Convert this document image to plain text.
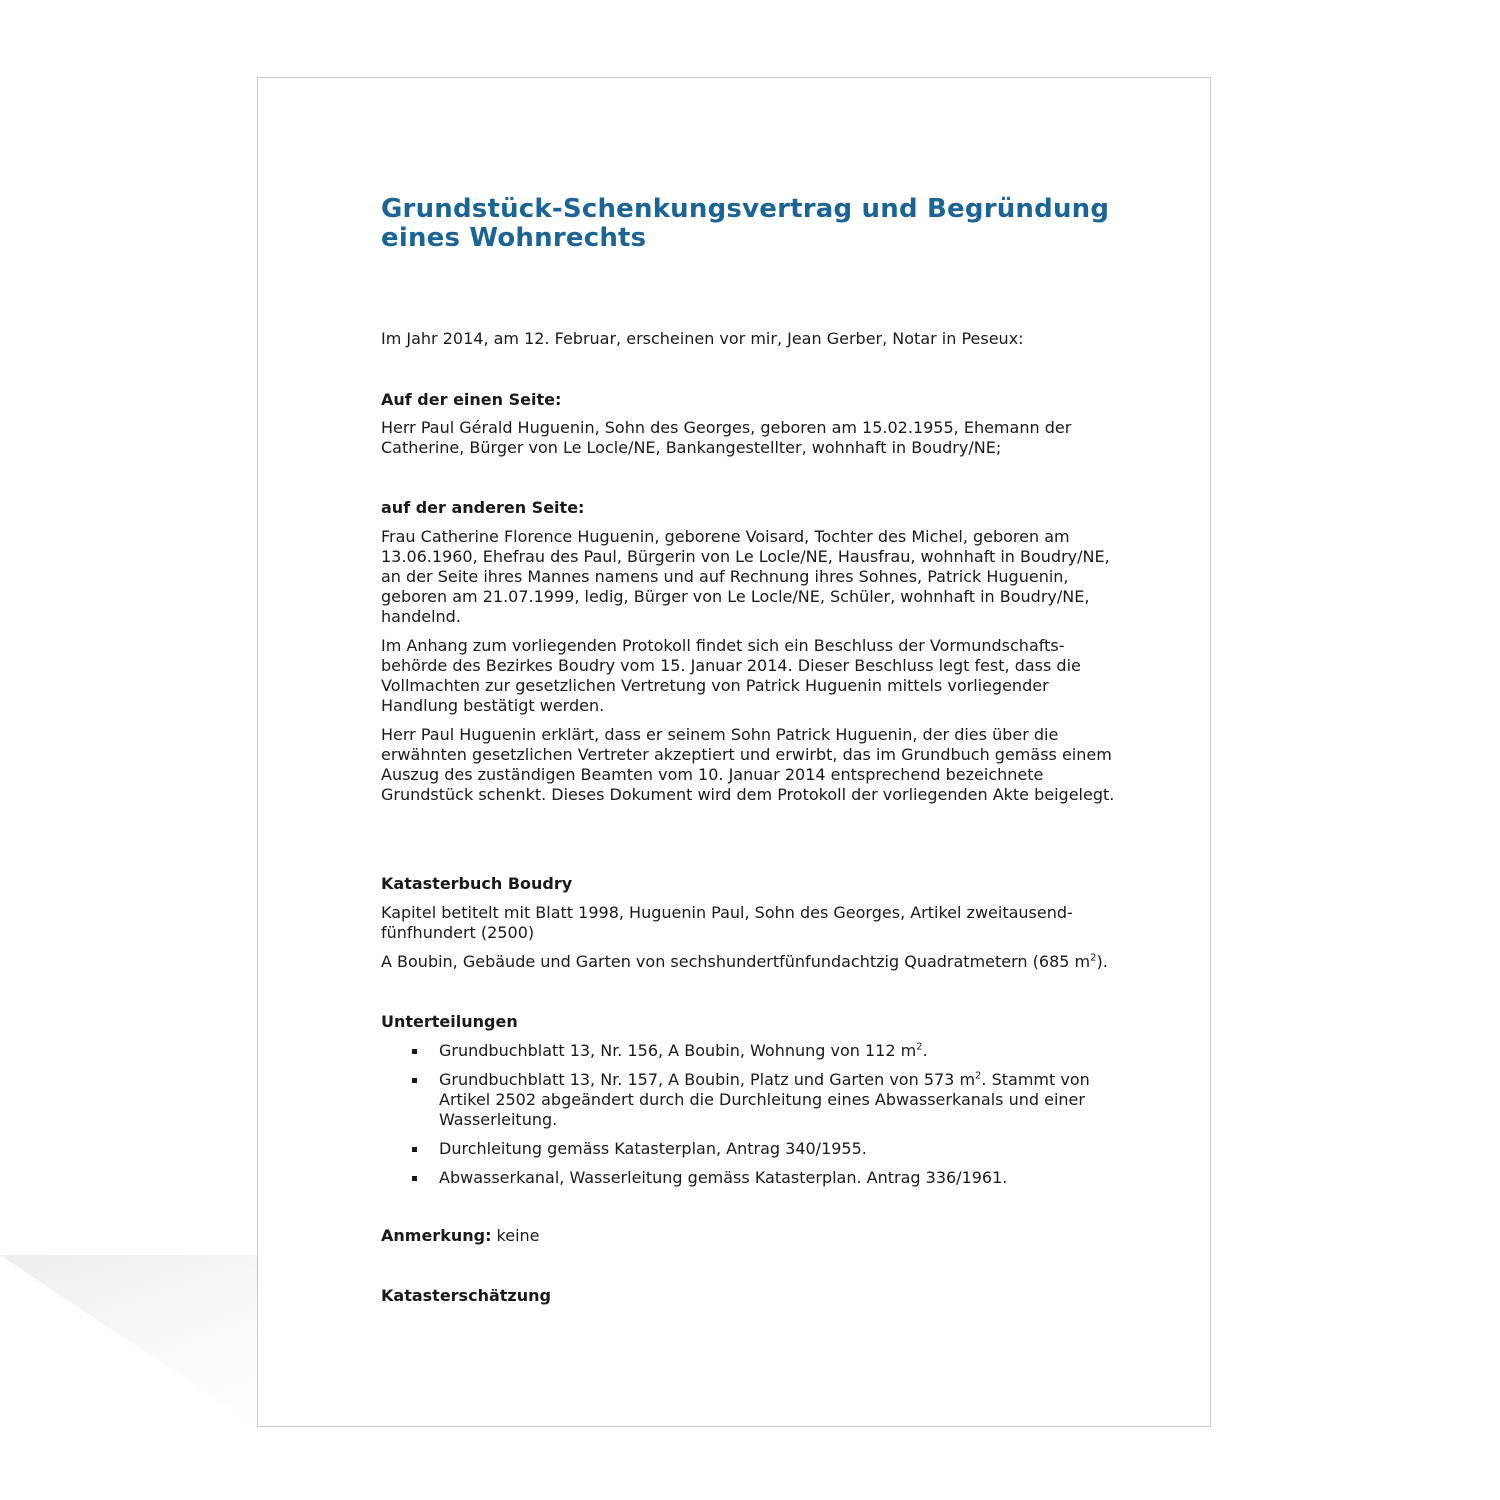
Grundstück-Schenkungsvertrag und Begründung eines Wohnrechts

Im Jahr 2014, am 12. Februar, erscheinen vor mir, Jean Gerber, Notar in Peseux:

Auf der einen Seite:

Herr Paul Gérald Huguenin, Sohn des Georges, geboren am 15.02.1955, Ehemann der Catherine, Bürger von Le Locle/NE, Bankangestellter, wohnhaft in Boudry/NE;

auf der anderen Seite:

Frau Catherine Florence Huguenin, geborene Voisard, Tochter des Michel, geboren am 13.06.1960, Ehefrau des Paul, Bürgerin von Le Locle/NE, Hausfrau, wohnhaft in Boudry/NE, an der Seite ihres Mannes namens und auf Rechnung ihres Sohnes, Patrick Huguenin, geboren am 21.07.1999, ledig, Bürger von Le Locle/NE, Schüler, wohnhaft in Boudry/NE, handelnd.

Im Anhang zum vorliegenden Protokoll findet sich ein Beschluss der Vormundschafts-behörde des Bezirkes Boudry vom 15. Januar 2014. Dieser Beschluss legt fest, dass die Vollmachten zur gesetzlichen Vertretung von Patrick Huguenin mittels vorliegender Handlung bestätigt werden.

Herr Paul Huguenin erklärt, dass er seinem Sohn Patrick Huguenin, der dies über die erwähnten gesetzlichen Vertreter akzeptiert und erwirbt, das im Grundbuch gemäss einem Auszug des zuständigen Beamten vom 10. Januar 2014 entsprechend bezeichnete Grundstück schenkt. Dieses Dokument wird dem Protokoll der vorliegenden Akte beigelegt.

Katasterbuch Boudry

Kapitel betitelt mit Blatt 1998, Huguenin Paul, Sohn des Georges, Artikel zweitausend-fünfhundert (2500)

A Boubin, Gebäude und Garten von sechshundertfünfundachtzig Quadratmetern (685 $m^2$).

Unterteilungen

Grundbuchblatt 13, Nr. 156, A Boubin, Wohnung von 112 $m^2$.
Grundbuchblatt 13, Nr. 157, A Boubin, Platz und Garten von 573 $m^2$. Stammt von Artikel 2502 abgeändert durch die Durchleitung eines Abwasserkanals und einer Wasserleitung.
Durchleitung gemäss Katasterplan, Antrag 340/1955.
Abwasserkanal, Wasserleitung gemäss Katasterplan. Antrag 336/1961.

Anmerkung: keine

Katasterschätzung
